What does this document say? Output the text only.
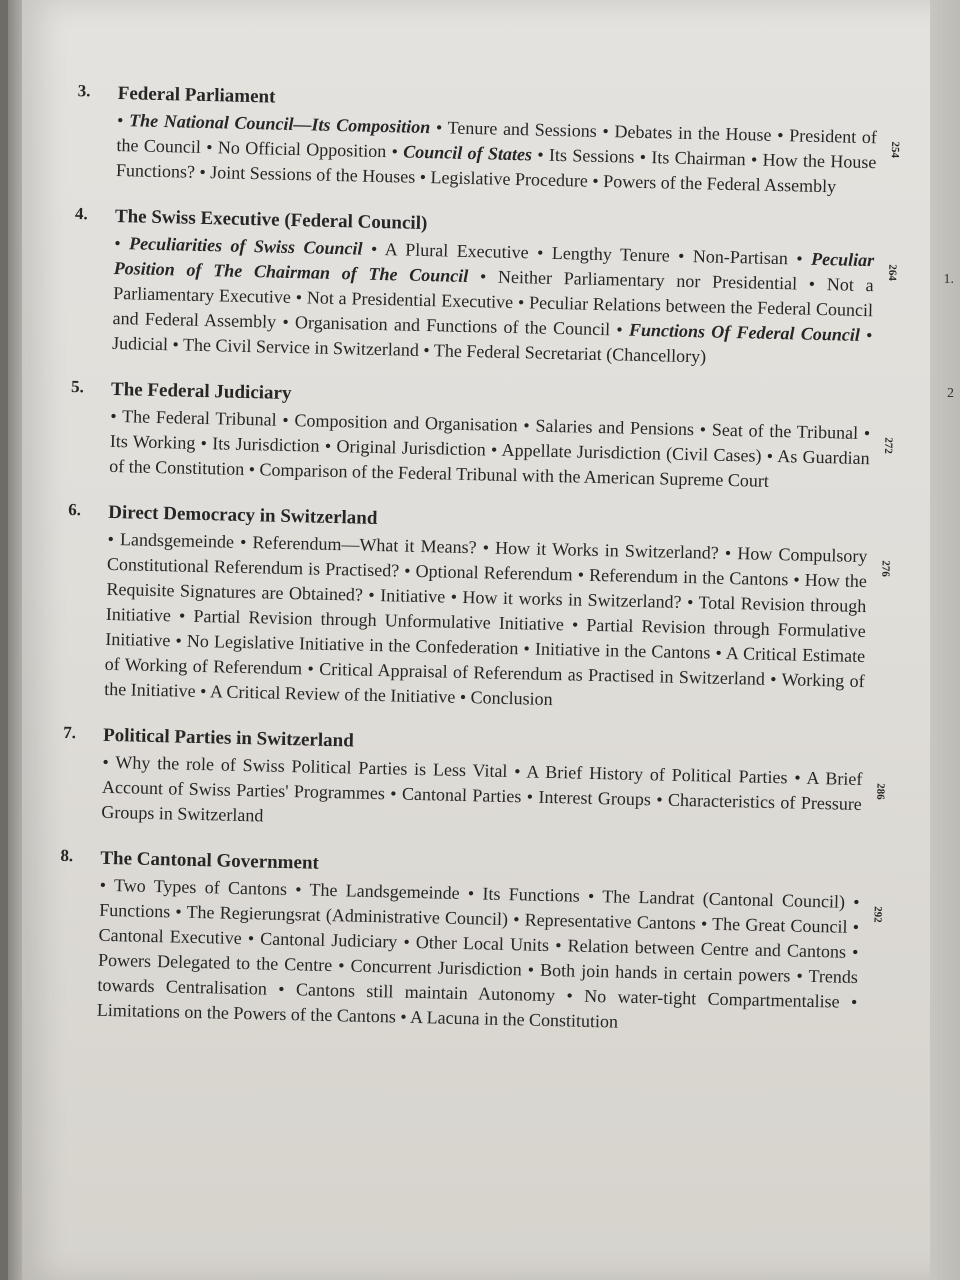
1.
2
3. Federal Parliament
254

• The National Council—Its Composition • Tenure and Sessions • Debates in the House • President of the Council • No Official Opposition • Council of States • Its Sessions • Its Chairman • How the House Functions? • Joint Sessions of the Houses • Legislative Procedure • Powers of the Federal Assembly

4. The Swiss Executive (Federal Council)
264

• Peculiarities of Swiss Council • A Plural Executive • Lengthy Tenure • Non-Partisan • Peculiar Position of The Chairman of The Council • Neither Parliamentary nor Presidential • Not a Parliamentary Executive • Not a Presidential Executive • Peculiar Relations between the Federal Council and Federal Assembly • Organisation and Functions of the Council • Functions Of Federal Council • Judicial • The Civil Service in Switzerland • The Federal Secretariat (Chancellory)

5. The Federal Judiciary
272

• The Federal Tribunal • Composition and Organisation • Salaries and Pensions • Seat of the Tribunal • Its Working • Its Jurisdiction • Original Jurisdiction • Appellate Jurisdiction (Civil Cases) • As Guardian of the Constitution • Comparison of the Federal Tribunal with the American Supreme Court

6. Direct Democracy in Switzerland
276

• Landsgemeinde • Referendum—What it Means? • How it Works in Switzerland? • How Compulsory Constitutional Referendum is Practised? • Optional Referendum • Referendum in the Cantons • How the Requisite Signatures are Obtained? • Initiative • How it works in Switzerland? • Total Revision through Initiative • Partial Revision through Unformulative Initiative • Partial Revision through Formulative Initiative • No Legislative Initiative in the Confederation • Initiative in the Cantons • A Critical Estimate of Working of Referendum • Critical Appraisal of Referendum as Practised in Switzerland • Working of the Initiative • A Critical Review of the Initiative • Conclusion

7. Political Parties in Switzerland
286

• Why the role of Swiss Political Parties is Less Vital • A Brief History of Political Parties • A Brief Account of Swiss Parties' Programmes • Cantonal Parties • Interest Groups • Characteristics of Pressure Groups in Switzerland

8. The Cantonal Government
292

• Two Types of Cantons • The Landsgemeinde • Its Functions • The Landrat (Cantonal Council) • Functions • The Regierungsrat (Administrative Council) • Representative Cantons • The Great Council • Cantonal Executive • Cantonal Judiciary • Other Local Units • Relation between Centre and Cantons • Powers Delegated to the Centre • Concurrent Jurisdiction • Both join hands in certain powers • Trends towards Centralisation • Cantons still maintain Autonomy • No water-tight Compartmentalise • Limitations on the Powers of the Cantons • A Lacuna in the Constitution
